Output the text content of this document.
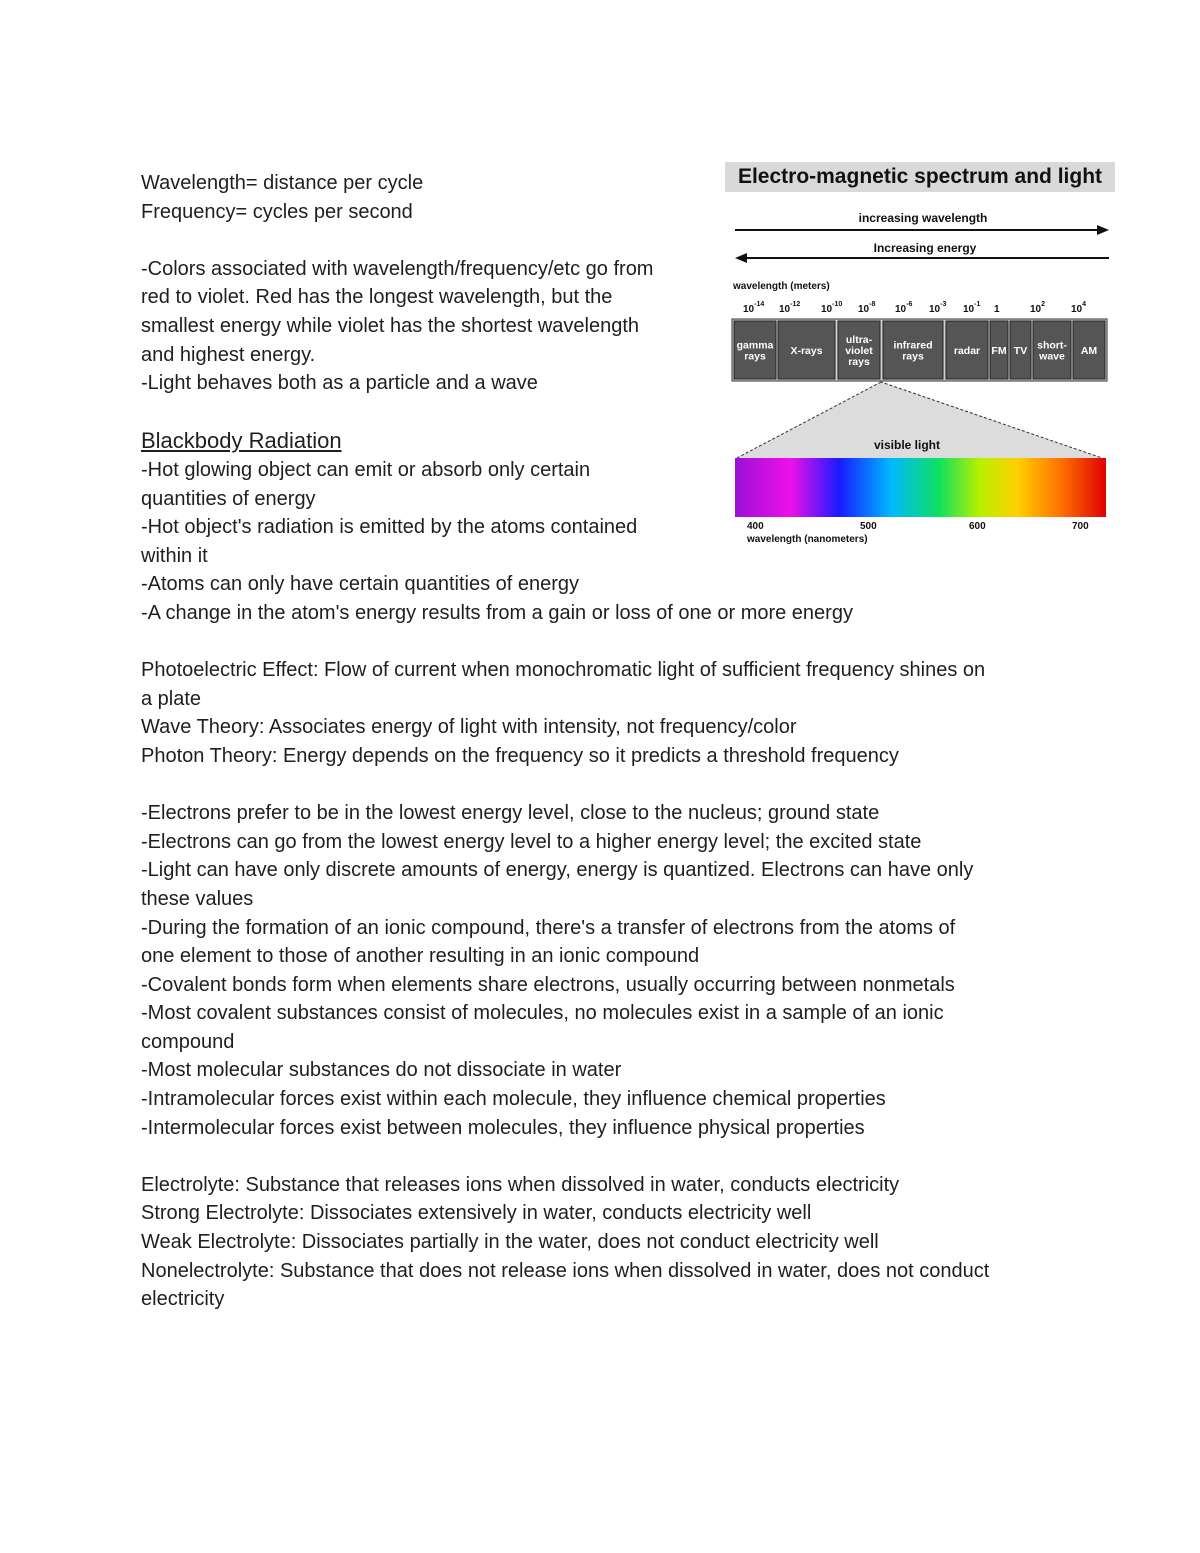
Wavelength= distance per cycle

Frequency= cycles per second

-Colors associated with wavelength/frequency/etc go from

red to violet. Red has the longest wavelength, but the

smallest energy while violet has the shortest wavelength

and highest energy.

-Light behaves both as a particle and a wave

Blackbody Radiation

-Hot glowing object can emit or absorb only certain

quantities of energy

-Hot object's radiation is emitted by the atoms contained

within it

-Atoms can only have certain quantities of energy

-A change in the atom's energy results from a gain or loss of one or more energy

Photoelectric Effect: Flow of current when monochromatic light of sufficient frequency shines on

a plate

Wave Theory: Associates energy of light with intensity, not frequency/color

Photon Theory: Energy depends on the frequency so it predicts a threshold frequency

-Electrons prefer to be in the lowest energy level, close to the nucleus; ground state

-Electrons can go from the lowest energy level to a higher energy level; the excited state

-Light can have only discrete amounts of energy, energy is quantized. Electrons can have only

these values

-During the formation of an ionic compound, there's a transfer of electrons from the atoms of

one element to those of another resulting in an ionic compound

-Covalent bonds form when elements share electrons, usually occurring between nonmetals

-Most covalent substances consist of molecules, no molecules exist in a sample of an ionic

compound

-Most molecular substances do not dissociate in water

-Intramolecular forces exist within each molecule, they influence chemical properties

-Intermolecular forces exist between molecules, they influence physical properties

Electrolyte: Substance that releases ions when dissolved in water, conducts electricity

Strong Electrolyte: Dissociates extensively in water, conducts electricity well

Weak Electrolyte: Dissociates partially in the water, does not conduct electricity well

Nonelectrolyte: Substance that does not release ions when dissolved in water, does not conduct

electricity

Electro-magnetic spectrum and light
increasing wavelength
Increasing energy
wavelength (meters)
$10^{-14}$ $10^{-12}$ $10^{-10}$ $10^{-8}$ $10^{-6}$ $10^{-3}$ $10^{-1}$ 1	$10^2$	$10^4$
gamma rays	X-rays
ultra-violet rays
infrared rays	radar FM TV short-wave AM
visible light
400	500	600	700
wavelength (nanometers)
